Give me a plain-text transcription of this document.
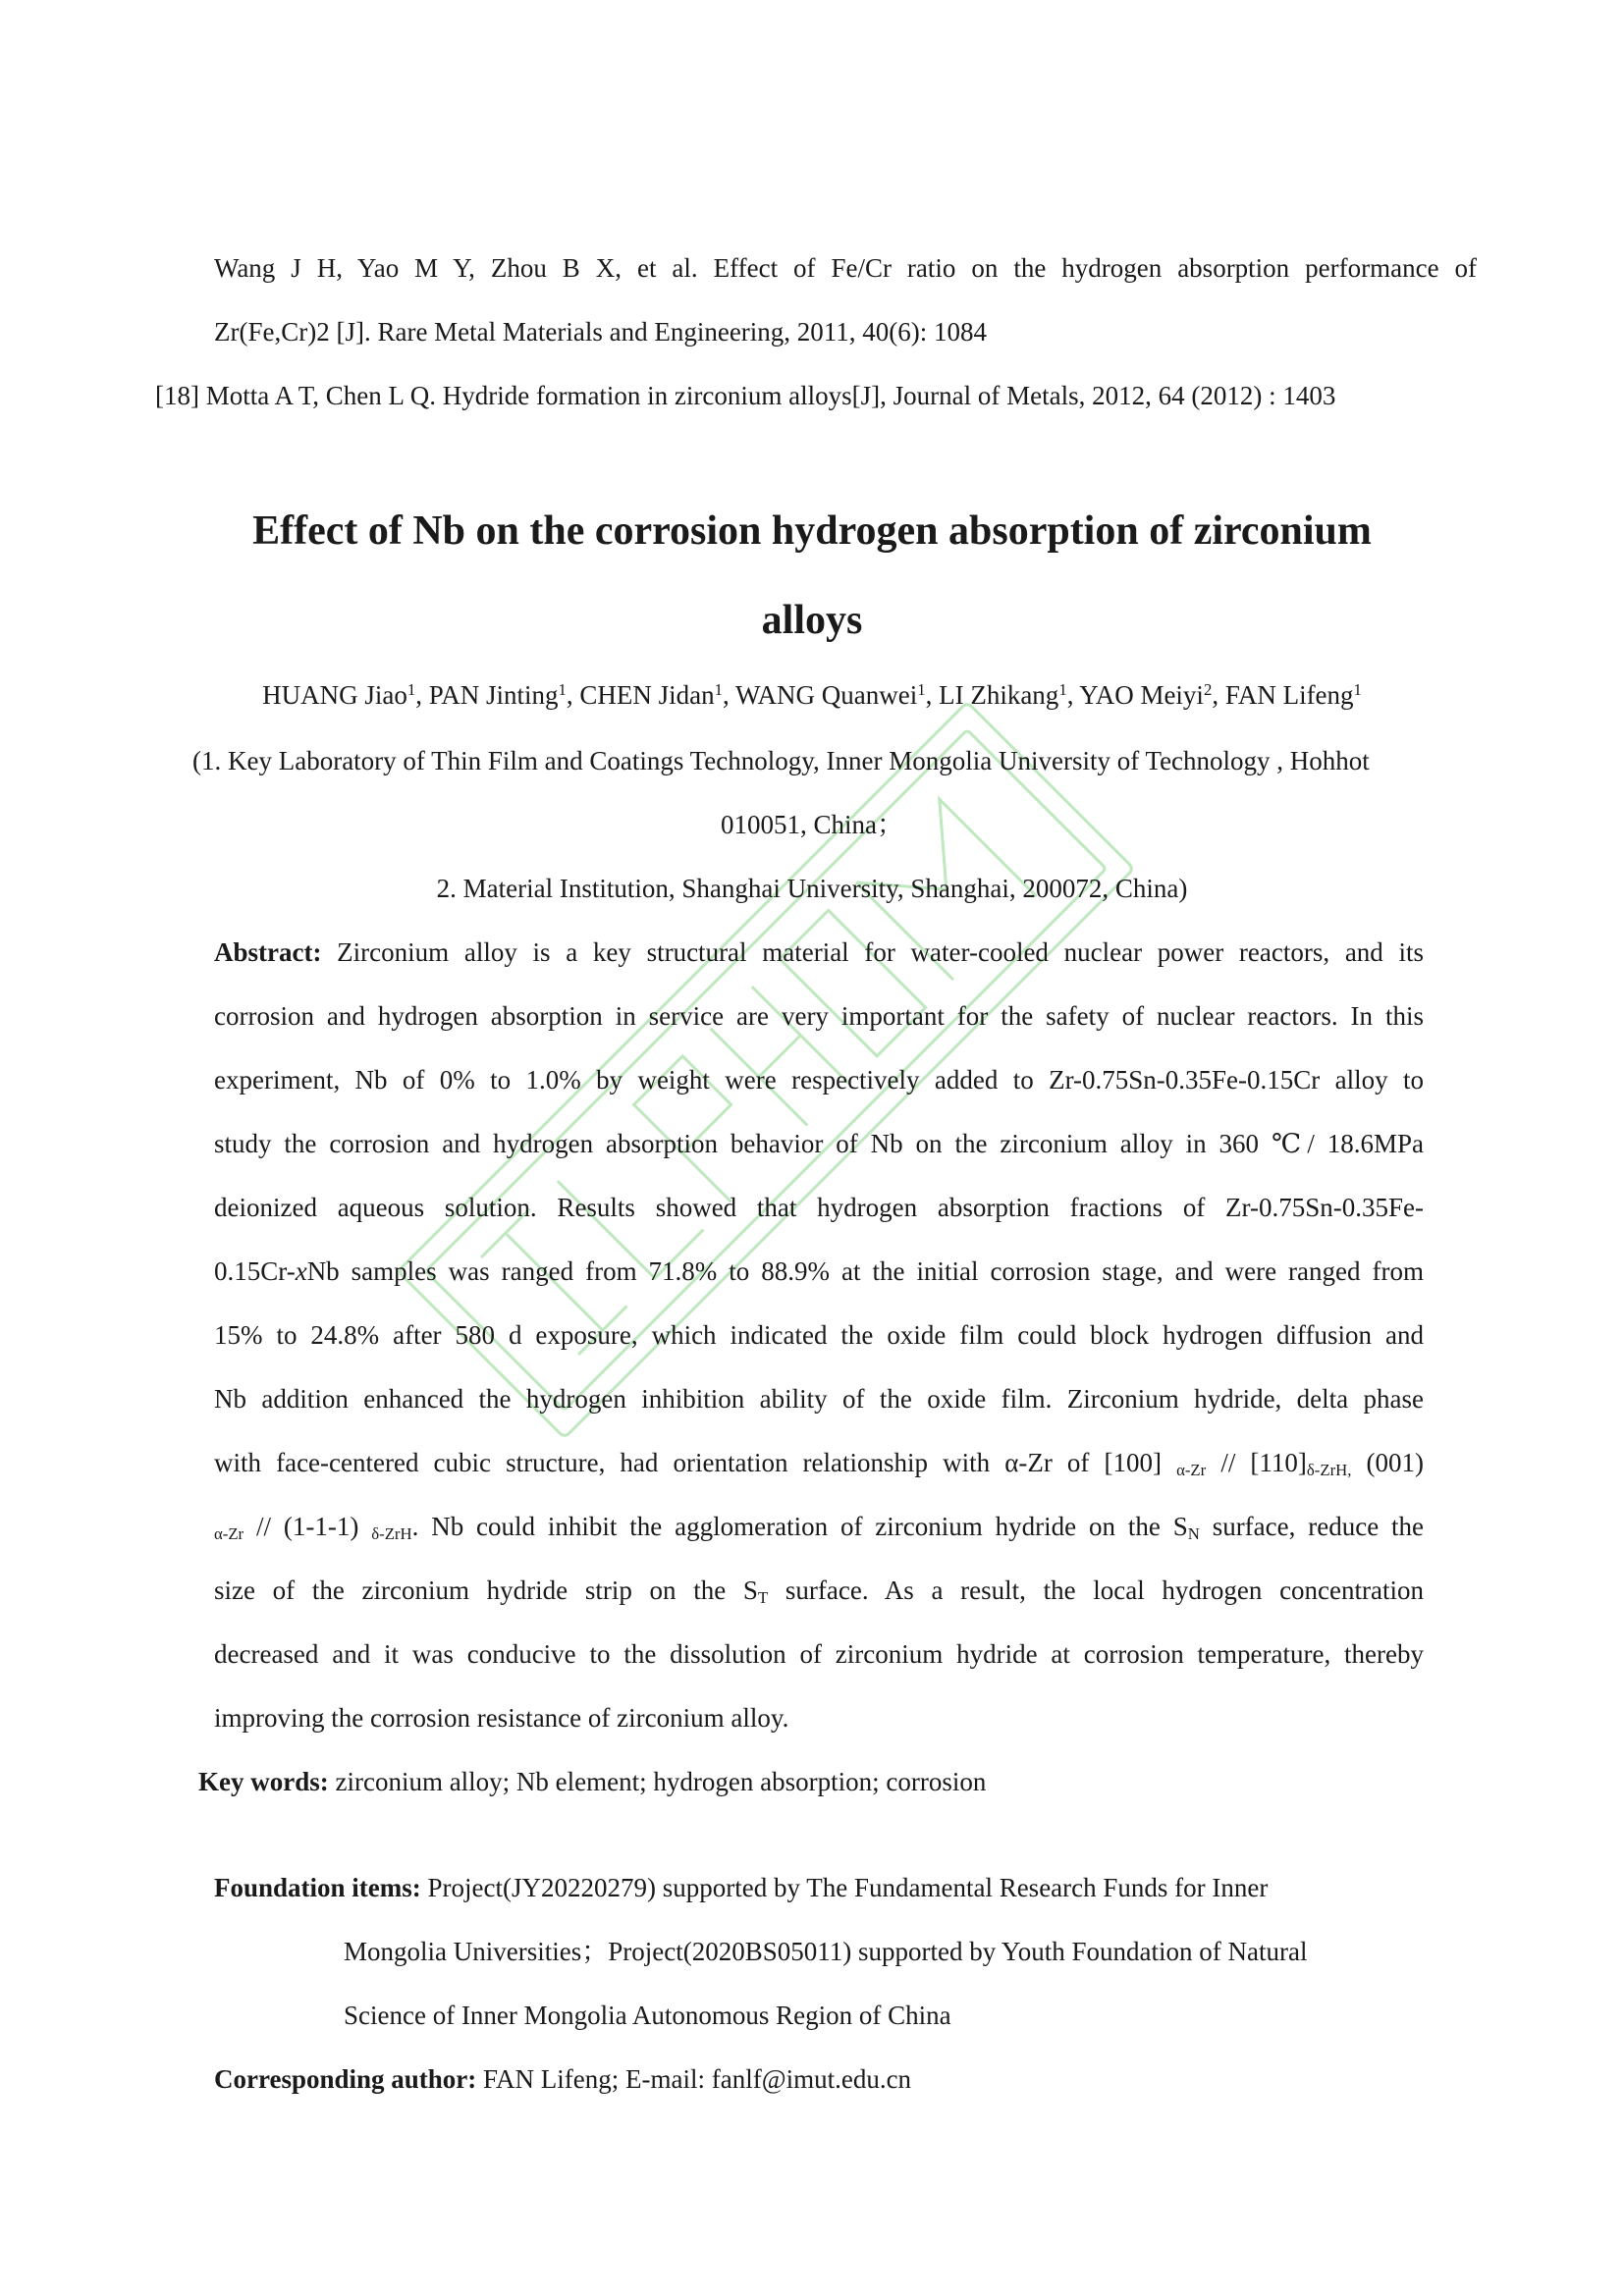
Wang J H, Yao M Y, Zhou B X, et al. Effect of Fe/Cr ratio on the hydrogen absorption performance of
Zr(Fe,Cr)2 [J]. Rare Metal Materials and Engineering, 2011, 40(6): 1084
[18] Motta A T, Chen L Q. Hydride formation in zirconium alloys[J], Journal of Metals, 2012, 64 (2012) : 1403
Effect of Nb on the corrosion hydrogen absorption of zirconium
alloys
HUANG Jiao$^1$, PAN Jinting$^1$, CHEN Jidan$^1$, WANG Quanwei$^1$, LI Zhikang$^1$, YAO Meiyi$^2$, FAN Lifeng$^1$
(1. Key Laboratory of Thin Film and Coatings Technology, Inner Mongolia University of Technology , Hohhot
010051, China；
2. Material Institution, Shanghai University, Shanghai, 200072, China)
Abstract: Zirconium alloy is a key structural material for water-cooled nuclear power reactors, and its
corrosion and hydrogen absorption in service are very important for the safety of nuclear reactors. In this
experiment, Nb of 0% to 1.0% by weight were respectively added to Zr-0.75Sn-0.35Fe-0.15Cr alloy to
study the corrosion and hydrogen absorption behavior of Nb on the zirconium alloy in 360 ℃/ 18.6MPa
deionized aqueous solution. Results showed that hydrogen absorption fractions of Zr-0.75Sn-0.35Fe-
0.15Cr-xNb samples was ranged from 71.8% to 88.9% at the initial corrosion stage, and were ranged from
15% to 24.8% after 580 d exposure, which indicated the oxide film could block hydrogen diffusion and
Nb addition enhanced the hydrogen inhibition ability of the oxide film. Zirconium hydride, delta phase
with face-centered cubic structure, had orientation relationship with α-Zr of [100] $_{\alpha-Zr} // [110]_{\delta-ZrH,}$ (001)
$_{\alpha-Zr}$ // (1-1-1) $_{\delta-ZrH}$. Nb could inhibit the agglomeration of zirconium hydride on the $S_N$ surface, reduce the
size of the zirconium hydride strip on the $S_T$ surface. As a result, the local hydrogen concentration
decreased and it was conducive to the dissolution of zirconium hydride at corrosion temperature, thereby
improving the corrosion resistance of zirconium alloy.
Key words: zirconium alloy; Nb element; hydrogen absorption; corrosion
Foundation items: Project(JY20220279) supported by The Fundamental Research Funds for Inner
Mongolia Universities；Project(2020BS05011) supported by Youth Foundation of Natural
Science of Inner Mongolia Autonomous Region of China
Corresponding author: FAN Lifeng; E-mail: fanlf@imut.edu.cn
